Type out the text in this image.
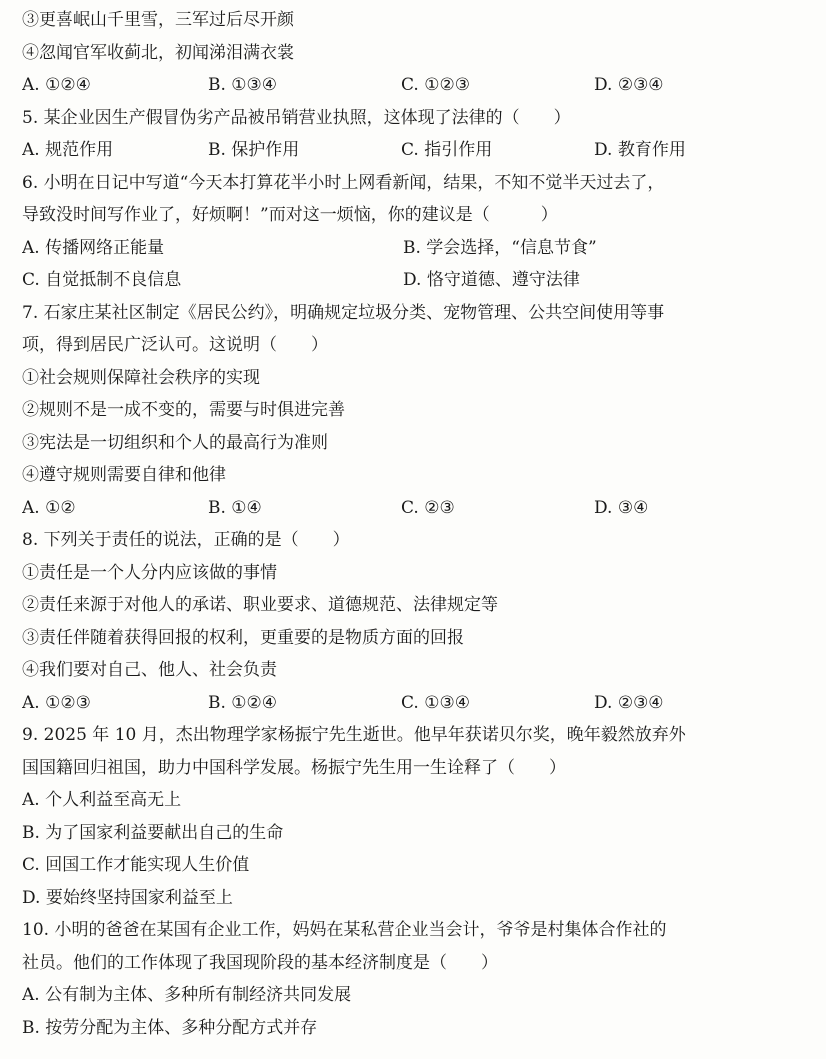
③更喜岷山千里雪，三军过后尽开颜
④忽闻官军收蓟北，初闻涕泪满衣裳
A. ①②④	B. ①③④	C. ①②③	D. ②③④
5. 某企业因生产假冒伪劣产品被吊销营业执照，这体现了法律的（　　）
A. 规范作用	B. 保护作用	C. 指引作用	D. 教育作用
6. 小明在日记中写道“今天本打算花半小时上网看新闻，结果，不知不觉半天过去了，
导致没时间写作业了，好烦啊！”而对这一烦恼，你的建议是（　　　）
A. 传播网络正能量	B. 学会选择，“信息节食”
C. 自觉抵制不良信息	D. 恪守道德、遵守法律
7. 石家庄某社区制定《居民公约》，明确规定垃圾分类、宠物管理、公共空间使用等事
项，得到居民广泛认可。这说明（　　）
①社会规则保障社会秩序的实现
②规则不是一成不变的，需要与时俱进完善
③宪法是一切组织和个人的最高行为准则
④遵守规则需要自律和他律
A. ①②	B. ①④	C. ②③	D. ③④
8. 下列关于责任的说法，正确的是（　　）
①责任是一个人分内应该做的事情
②责任来源于对他人的承诺、职业要求、道德规范、法律规定等
③责任伴随着获得回报的权利，更重要的是物质方面的回报
④我们要对自己、他人、社会负责
A. ①②③	B. ①②④	C. ①③④	D. ②③④
9. 2025 年 10 月，杰出物理学家杨振宁先生逝世。他早年获诺贝尔奖，晚年毅然放弃外
国国籍回归祖国，助力中国科学发展。杨振宁先生用一生诠释了（　　）
A. 个人利益至高无上
B. 为了国家利益要献出自己的生命
C. 回国工作才能实现人生价值
D. 要始终坚持国家利益至上
10. 小明的爸爸在某国有企业工作，妈妈在某私营企业当会计，爷爷是村集体合作社的
社员。他们的工作体现了我国现阶段的基本经济制度是（　　）
A. 公有制为主体、多种所有制经济共同发展
B. 按劳分配为主体、多种分配方式并存
